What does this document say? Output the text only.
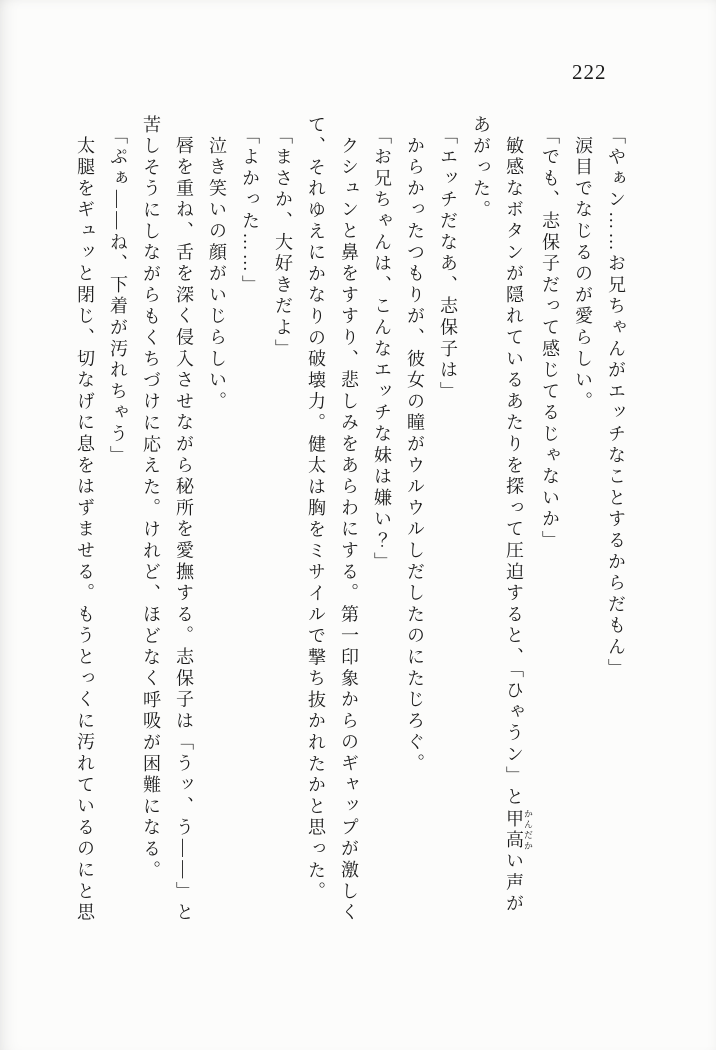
222

「やぁン……お兄ちゃんがエッチなことするからだもん」

涙目でなじるのが愛らしい。

「でも、志保子だって感じてるじゃないか」

敏感なボタンが隠れているあたりを探って圧迫すると、「ひゃうン」と甲高 かんだかい声が

あがった。

「エッチだなあ、志保子は」

からかったつもりが、彼女の瞳がウルウルしだしたのにたじろぐ。

「お兄ちゃんは、こんなエッチな妹は嫌い？」

クシュンと鼻をすすり、悲しみをあらわにする。第一印象からのギャップが激しく

て、それゆえにかなりの破壊力。健太は胸をミサイルで撃ち抜かれたかと思った。

「まさか、大好きだよ」

「よかった……」

泣き笑いの顔がいじらしい。

唇を重ね、舌を深く侵入させながら秘所を愛撫する。志保子は「うッ、う――」と

苦しそうにしながらもくちづけに応えた。けれど、ほどなく呼吸が困難になる。

「ぷぁ――ね、下着が汚れちゃう」

太腿をギュッと閉じ、切なげに息をはずませる。もうとっくに汚れているのにと思
